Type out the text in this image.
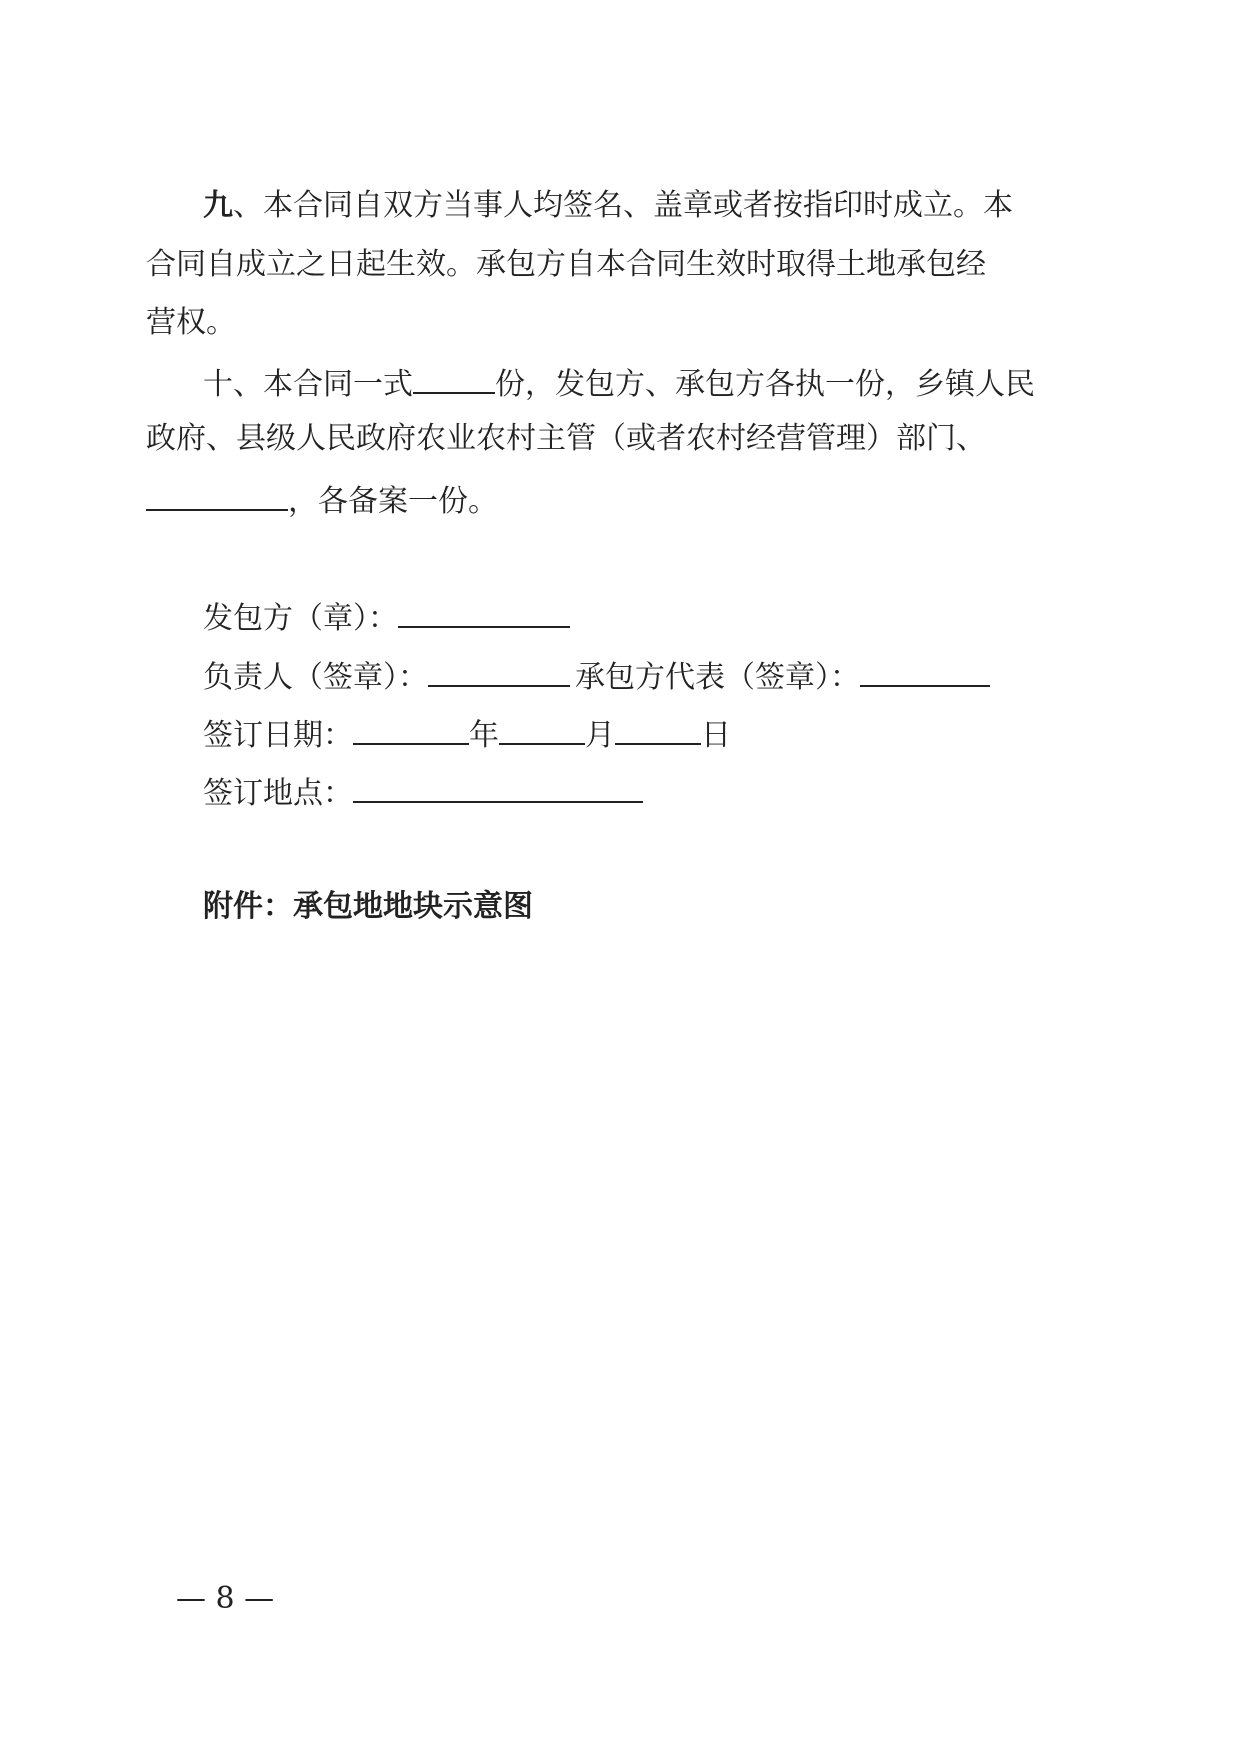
九、本合同自双方当事人均签名、盖章或者按指印时成立。本
合同自成立之日起生效。承包方自本合同生效时取得土地承包经
营权。
十、本合同一式	份，发包方、承包方各执一份，乡镇人民
政府、县级人民政府农业农村主管（或者农村经营管理）部门、
，各备案一份。
发包方（章）：
负责人（签章）：	承包方代表（签章）：
签订日期：	年	月	日
签订地点：
附件：承包地地块示意图
— 8 —
